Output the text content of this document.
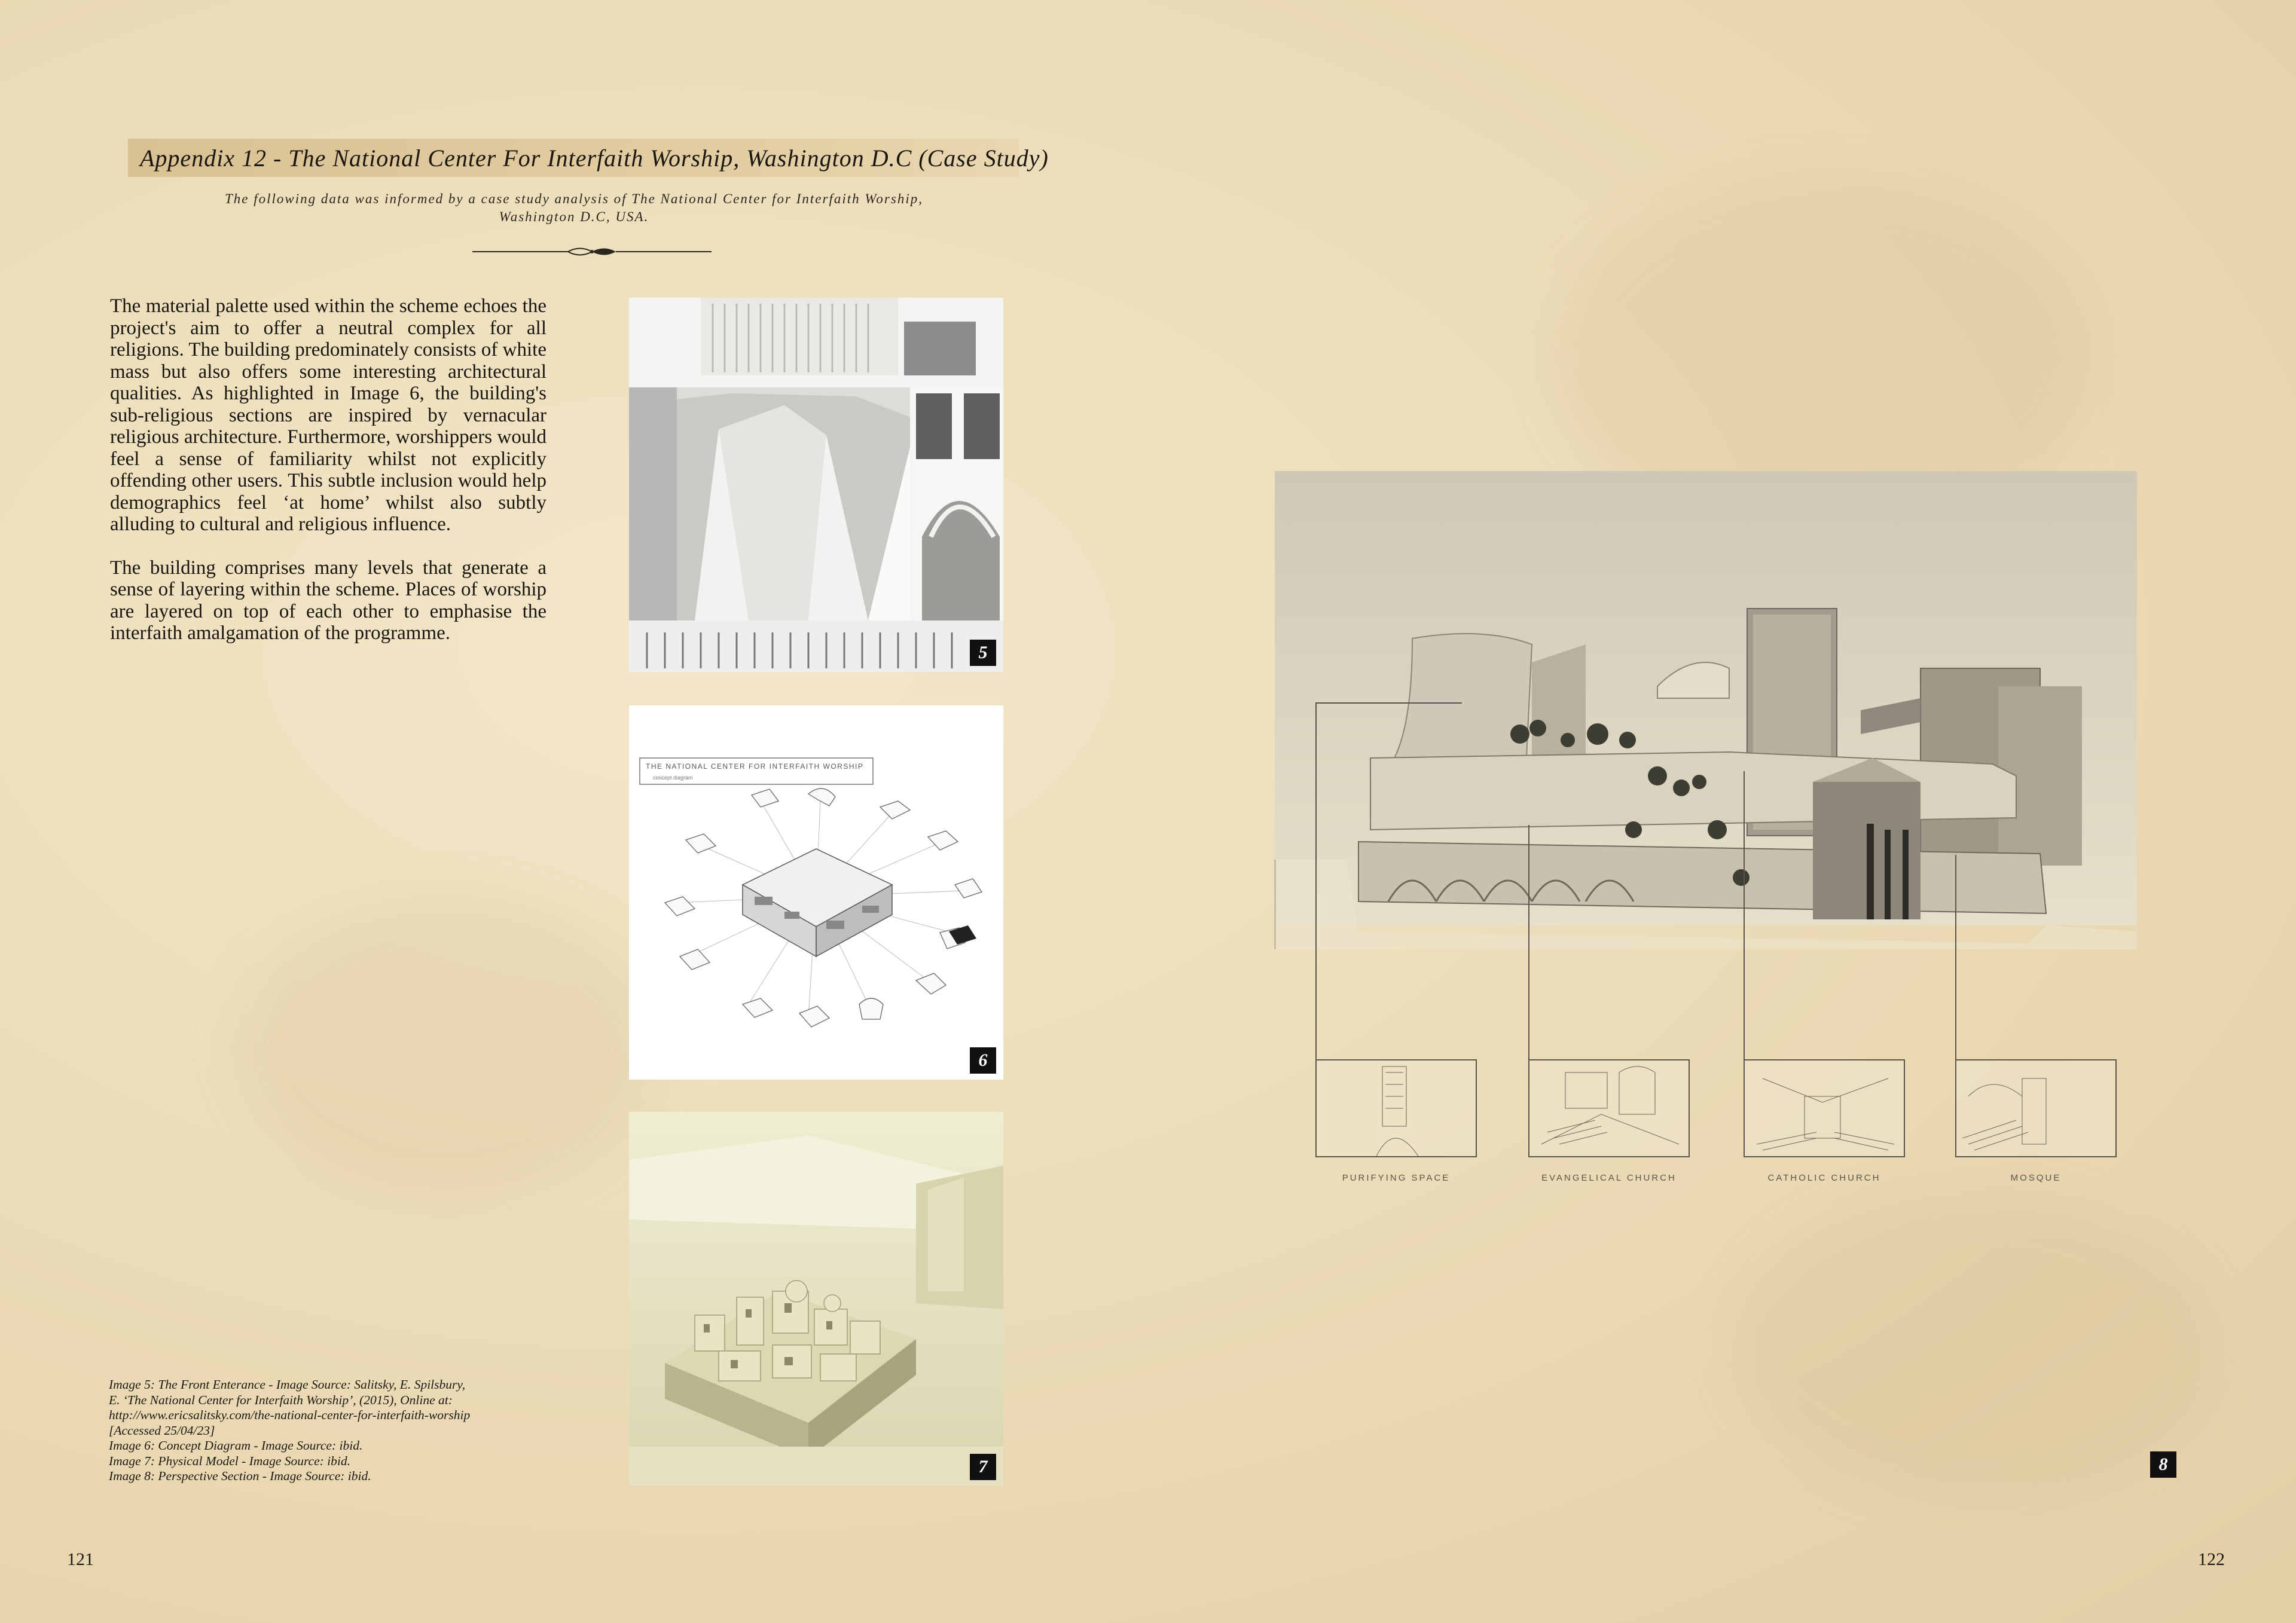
Appendix 12 - The National Center For Interfaith Worship, Washington D.C (Case Study)
The following data was informed by a case study analysis of The National Center for Interfaith Worship, Washington D.C, USA.

The material palette used within the scheme echoes the project's aim to offer a neutral complex for all religions. The building predominately consists of white mass but also offers some interesting architectural qualities. As highlighted in Image 6, the building's sub-religious sections are inspired by vernacular religious architecture. Furthermore, worshippers would feel a sense of familiarity whilst not explicitly offending other users. This subtle inclusion would help demographics feel ‘at home’ whilst also subtly alluding to cultural and religious influence.

The building comprises many levels that generate a sense of layering within the scheme. Places of worship are layered on top of each other to emphasise the interfaith amalgamation of the programme.

5
THE NATIONAL CENTER FOR INTERFAITH WORSHIP
concept diagram
6
7
Image 5: The Front Enterance - Image Source: Salitsky, E. Spilsbury,
E. ‘The National Center for Interfaith Worship’, (2015), Online at:
http://www.ericsalitsky.com/the-national-center-for-interfaith-worship
[Accessed 25/04/23]
Image 6: Concept Diagram - Image Source: ibid.
Image 7: Physical Model - Image Source: ibid.
Image 8: Perspective Section - Image Source: ibid.
121
PURIFYING SPACE	EVANGELICAL CHURCH	CATHOLIC CHURCH	MOSQUE
8
122
